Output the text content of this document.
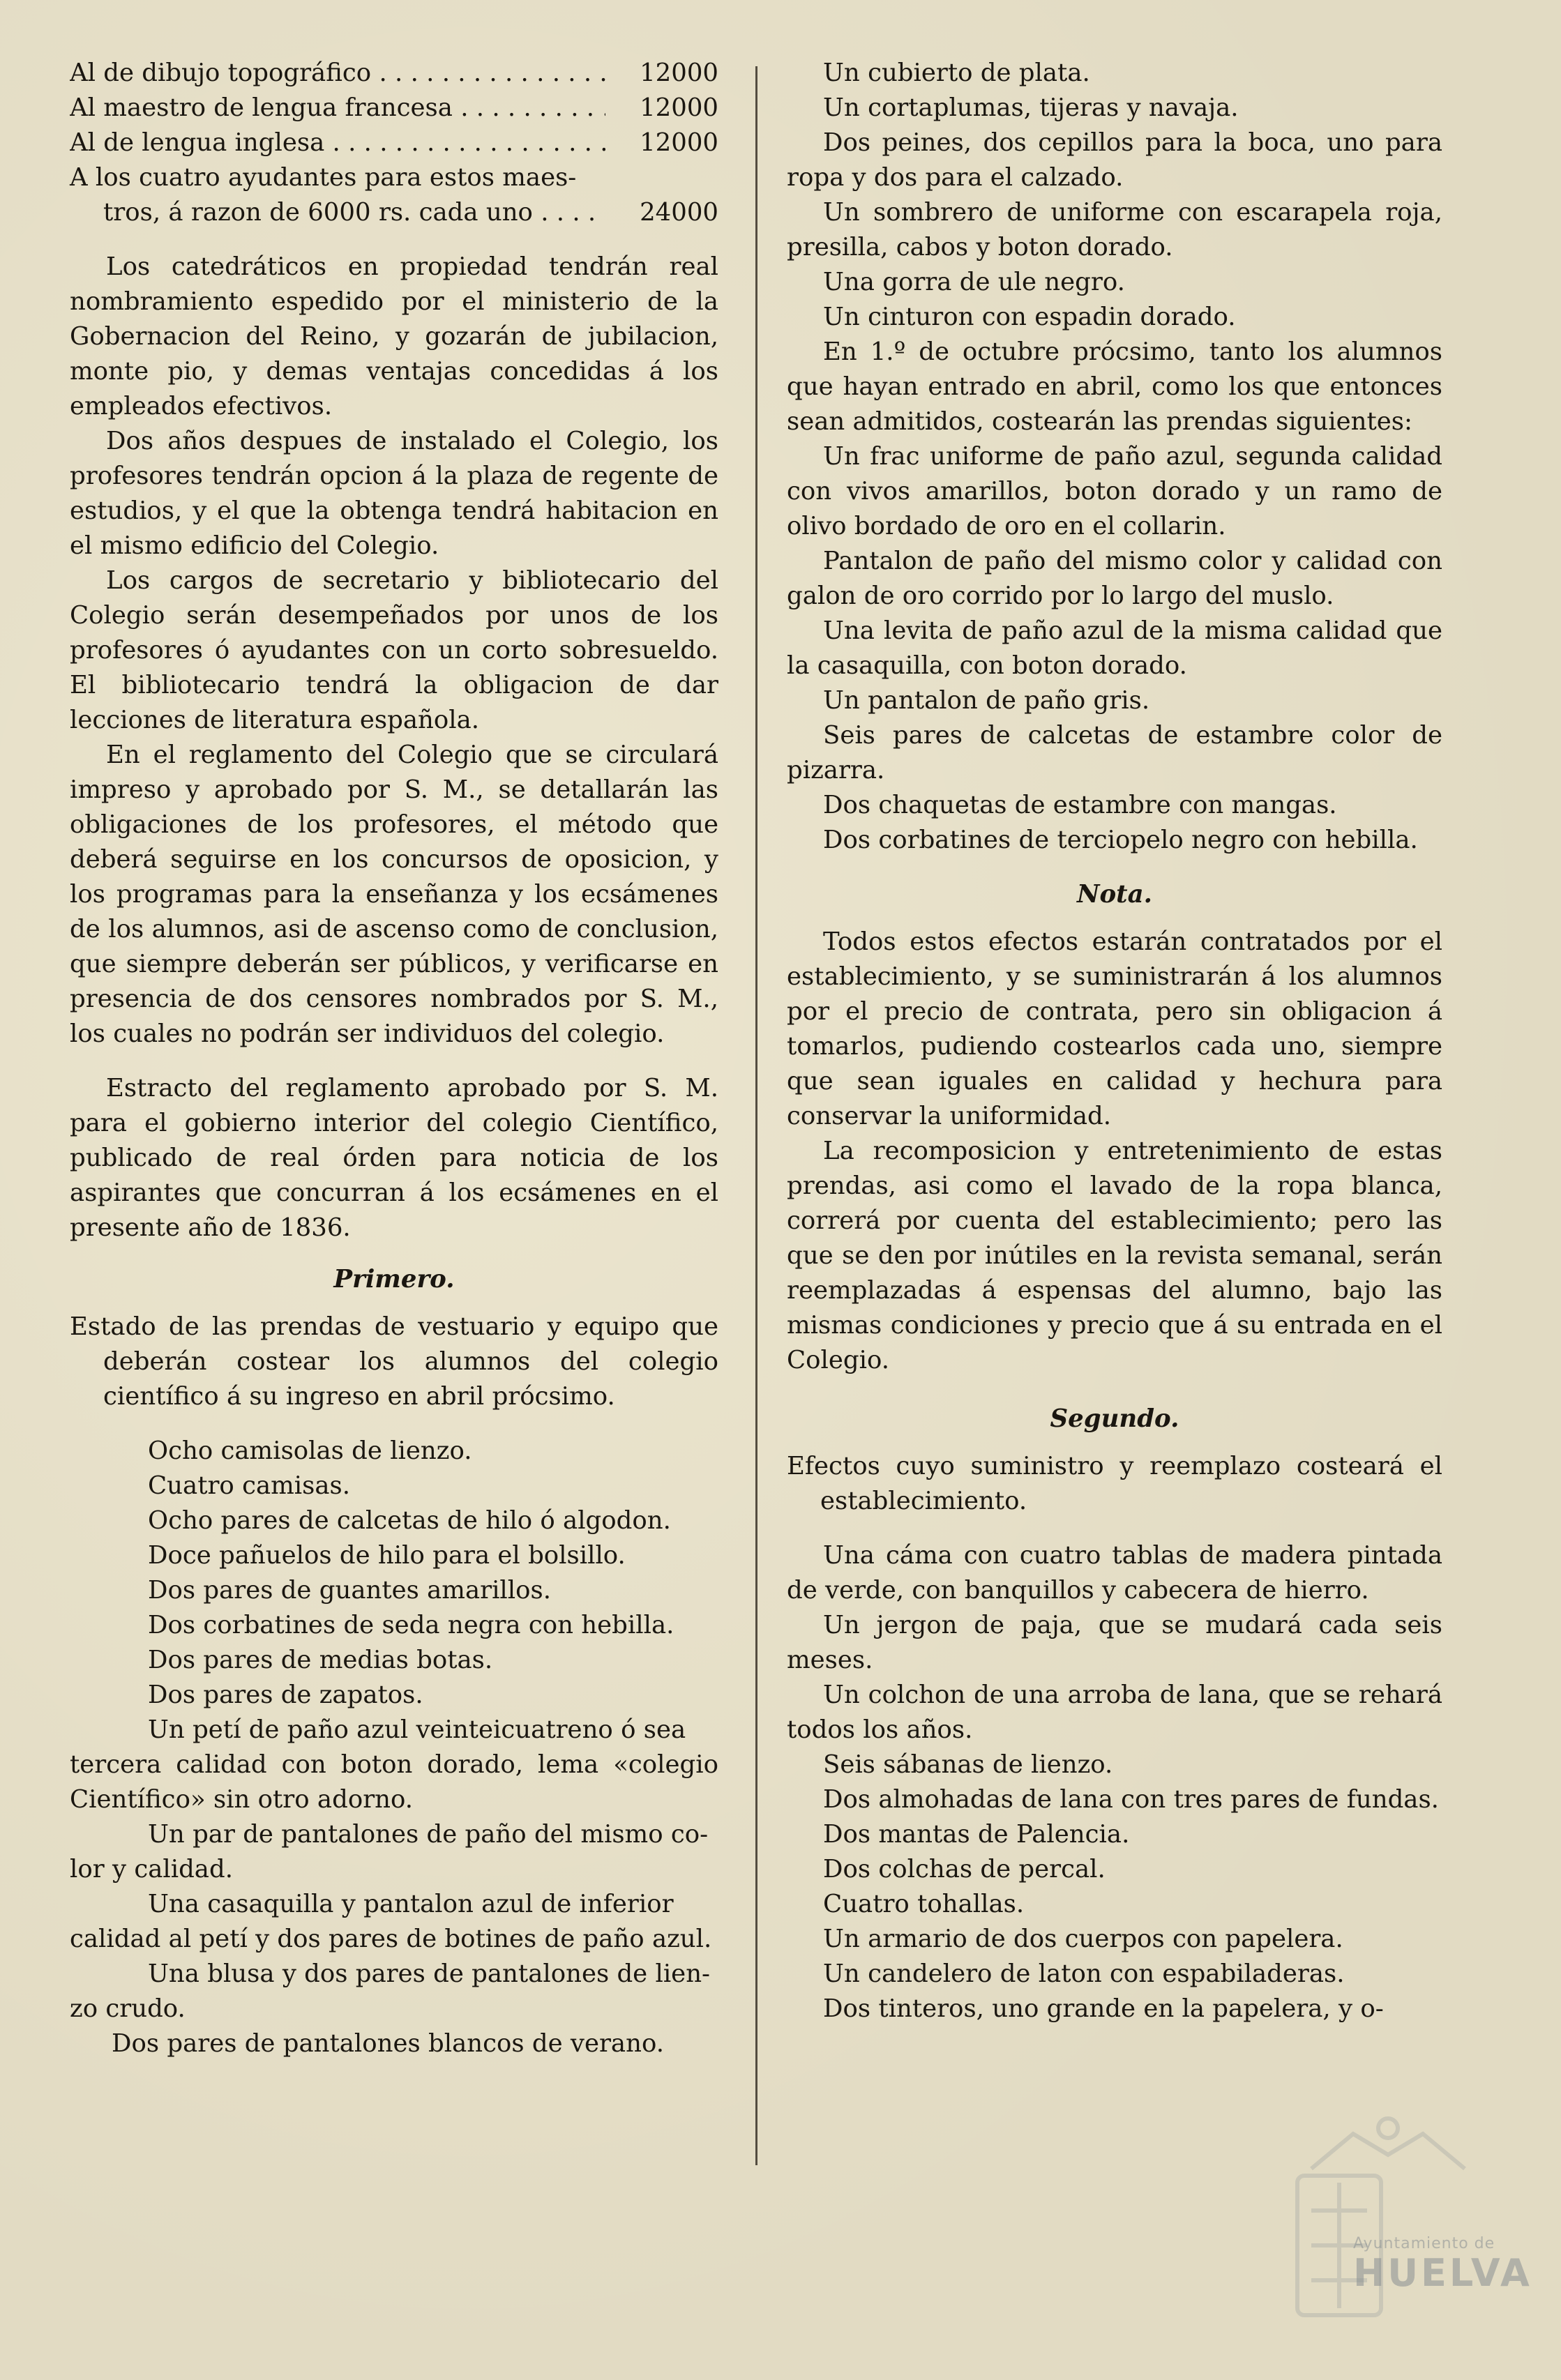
Al de dibujo topográfico . . .	12000
Al maestro de lengua francesa . . .	12000
Al de lengua inglesa . . .	12000
A los cuatro ayudantes para estos maes-
tros, á razon de 6000 rs. cada uno . . .	24000

Los catedráticos en propiedad tendrán real nombramiento espedido por el ministerio de la Gobernacion del Reino, y gozarán de jubilacion, monte pio, y demas ventajas concedidas á los empleados efectivos.

Dos años despues de instalado el Colegio, los profesores tendrán opcion á la plaza de regente de estudios, y el que la obtenga tendrá habitacion en el mismo edificio del Colegio.

Los cargos de secretario y bibliotecario del Colegio serán desempeñados por unos de los profesores ó ayudantes con un corto sobresueldo. El bibliotecario tendrá la obligacion de dar lecciones de literatura española.

En el reglamento del Colegio que se circulará impreso y aprobado por S. M., se detallarán las obligaciones de los profesores, el método que deberá seguirse en los concursos de oposicion, y los programas para la enseñanza y los ecsámenes de los alumnos, asi de ascenso como de conclusion, que siempre deberán ser públicos, y verificarse en presencia de dos censores nombrados por S. M., los cuales no podrán ser individuos del colegio.

Estracto del reglamento aprobado por S. M. para el gobierno interior del colegio Científico, publicado de real órden para noticia de los aspirantes que concurran á los ecsámenes en el presente año de 1836.

Primero.

Estado de las prendas de vestuario y equipo que deberán costear los alumnos del colegio científico á su ingreso en abril prócsimo.

Ocho camisolas de lienzo.

Cuatro camisas.

Ocho pares de calcetas de hilo ó algodon.

Doce pañuelos de hilo para el bolsillo.

Dos pares de guantes amarillos.

Dos corbatines de seda negra con hebilla.

Dos pares de medias botas.

Dos pares de zapatos.

Un petí de paño azul veinteicuatreno ó sea
tercera calidad con boton dorado, lema «colegio Científico» sin otro adorno.

Un par de pantalones de paño del mismo co-
lor y calidad.

Una casaquilla y pantalon azul de inferior
calidad al petí y dos pares de botines de paño azul.

Una blusa y dos pares de pantalones de lien-
zo crudo.

Dos pares de pantalones blancos de verano.

Un cubierto de plata.

Un cortaplumas, tijeras y navaja.

Dos peines, dos cepillos para la boca, uno para ropa y dos para el calzado.

Un sombrero de uniforme con escarapela roja, presilla, cabos y boton dorado.

Una gorra de ule negro.

Un cinturon con espadin dorado.

En 1.º de octubre prócsimo, tanto los alumnos que hayan entrado en abril, como los que entonces sean admitidos, costearán las prendas siguientes:

Un frac uniforme de paño azul, segunda calidad con vivos amarillos, boton dorado y un ramo de olivo bordado de oro en el collarin.

Pantalon de paño del mismo color y calidad con galon de oro corrido por lo largo del muslo.

Una levita de paño azul de la misma calidad que la casaquilla, con boton dorado.

Un pantalon de paño gris.

Seis pares de calcetas de estambre color de pizarra.

Dos chaquetas de estambre con mangas.

Dos corbatines de terciopelo negro con hebilla.

Nota.

Todos estos efectos estarán contratados por el establecimiento, y se suministrarán á los alumnos por el precio de contrata, pero sin obligacion á tomarlos, pudiendo costearlos cada uno, siempre que sean iguales en calidad y hechura para conservar la uniformidad.

La recomposicion y entretenimiento de estas prendas, asi como el lavado de la ropa blanca, correrá por cuenta del establecimiento; pero las que se den por inútiles en la revista semanal, serán reemplazadas á espensas del alumno, bajo las mismas condiciones y precio que á su entrada en el Colegio.

Segundo.

Efectos cuyo suministro y reemplazo costeará el establecimiento.

Una cáma con cuatro tablas de madera pintada de verde, con banquillos y cabecera de hierro.

Un jergon de paja, que se mudará cada seis meses.

Un colchon de una arroba de lana, que se rehará todos los años.

Seis sábanas de lienzo.

Dos almohadas de lana con tres pares de fundas.

Dos mantas de Palencia.

Dos colchas de percal.

Cuatro tohallas.

Un armario de dos cuerpos con papelera.

Un candelero de laton con espabiladeras.

Dos tinteros, uno grande en la papelera, y o-

Ayuntamiento de
HUELVA
